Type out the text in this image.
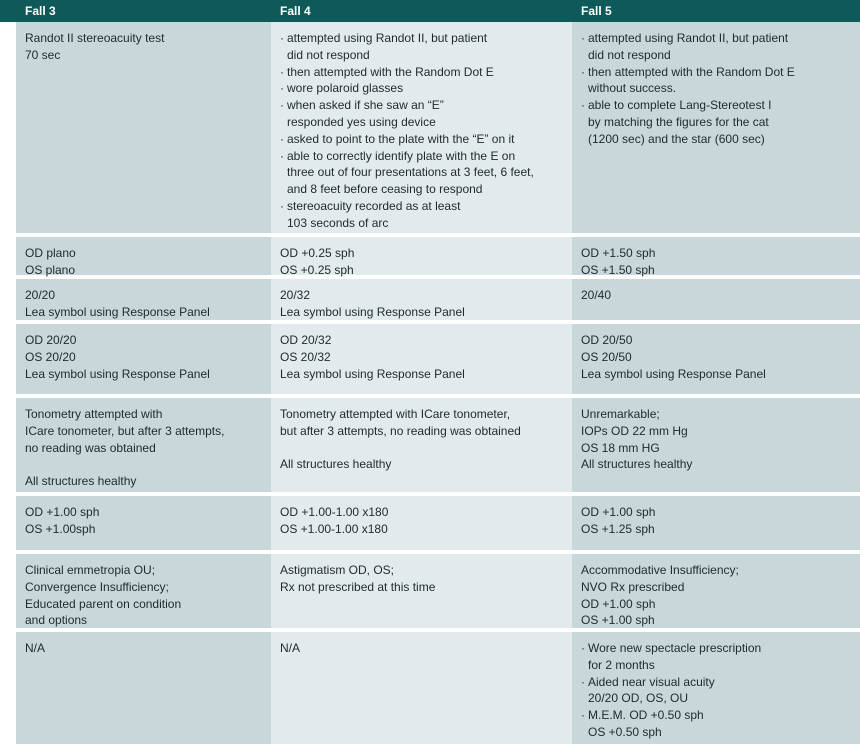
Fall 3	Fall 4	Fall 5
Randot II stereoacuity test
70 sec
· attempted using Randot II, but patient
did not respond
· then attempted with the Random Dot E
· wore polaroid glasses
· when asked if she saw an “E”
responded yes using device
· asked to point to the plate with the “E” on it
· able to correctly identify plate with the E on
three out of four presentations at 3 feet, 6 feet,
and 8 feet before ceasing to respond
· stereoacuity recorded as at least
103 seconds of arc
· attempted using Randot II, but patient
did not respond
· then attempted with the Random Dot E
without success.
· able to complete Lang-Stereotest I
by matching the figures for the cat
(1200 sec) and the star (600 sec)
OD plano
OS plano
OD +0.25 sph
OS +0.25 sph
OD +1.50 sph
OS +1.50 sph
20/20
Lea symbol using Response Panel
20/32
Lea symbol using Response Panel
20/40
OD 20/20
OS 20/20
Lea symbol using Response Panel
OD 20/32
OS 20/32
Lea symbol using Response Panel
OD 20/50
OS 20/50
Lea symbol using Response Panel
Tonometry attempted with
ICare tonometer, but after 3 attempts,
no reading was obtained

All structures healthy
Tonometry attempted with ICare tonometer,
but after 3 attempts, no reading was obtained

All structures healthy
Unremarkable;
IOPs OD 22 mm Hg
OS 18 mm HG
All structures healthy
OD +1.00 sph
OS +1.00sph
OD +1.00-1.00 x180
OS +1.00-1.00 x180
OD +1.00 sph
OS +1.25 sph
Clinical emmetropia OU;
Convergence Insufficiency;
Educated parent on condition
and options
Astigmatism OD, OS;
Rx not prescribed at this time
Accommodative Insufficiency;
NVO Rx prescribed
OD +1.00 sph
OS +1.00 sph
N/A	N/A
·	Wore new spectacle prescription
for 2 months
· Aided near visual acuity
20/20 OD, OS, OU
· M.E.M. OD +0.50 sph
OS +0.50 sph
